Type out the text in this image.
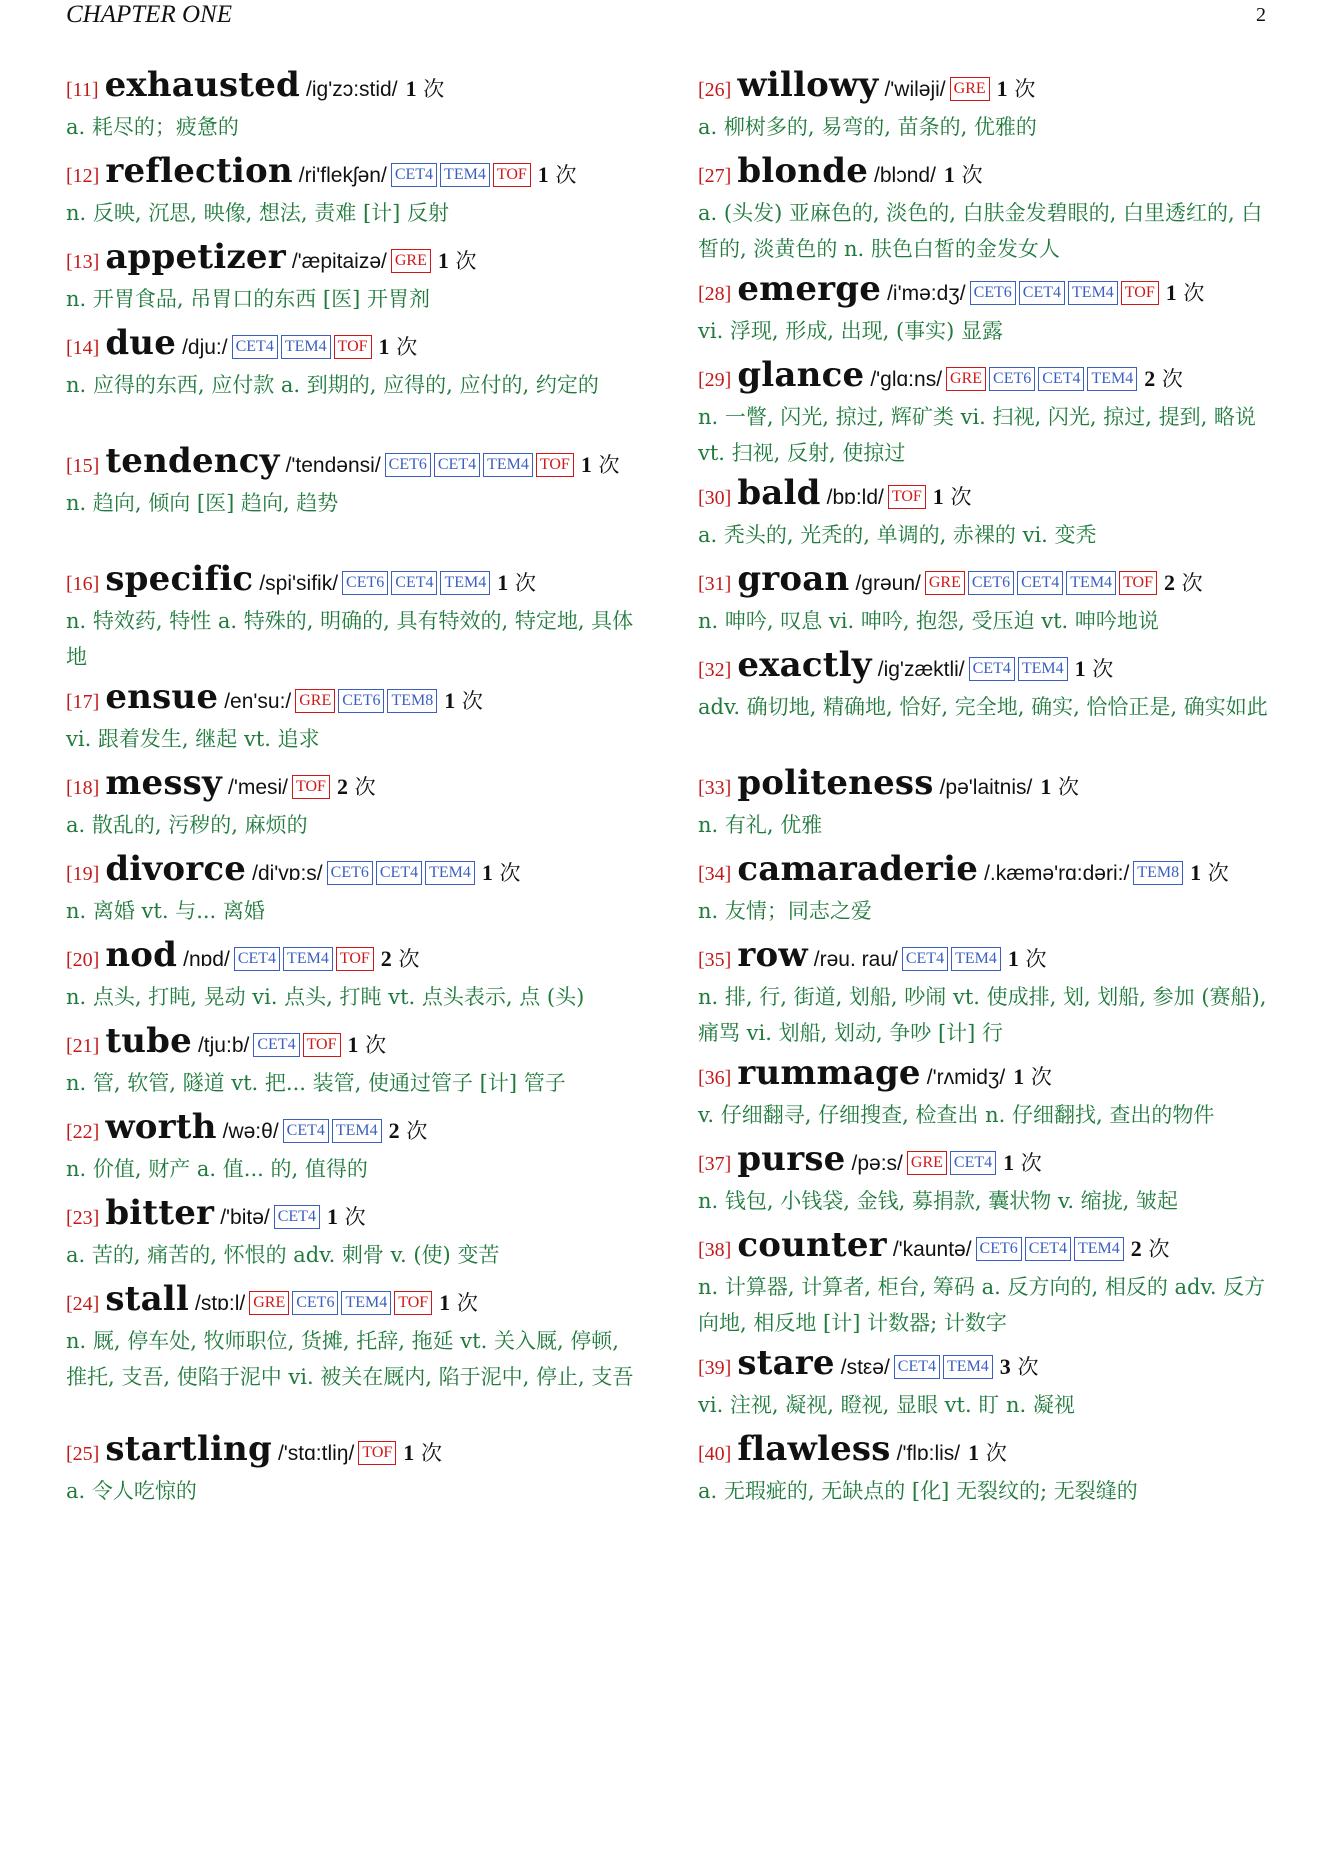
CHAPTER ONE	2
[11] exhausted /ig'zɔ:stid/ 1 次
a. 耗尽的；疲惫的
[12] reflection /ri'flekʃən/ CET4 TEM4 TOF 1 次
n. 反映, 沉思, 映像, 想法, 责难 [计] 反射
[13] appetizer /'æpitaizə/ GRE 1 次
n. 开胃食品, 吊胃口的东西 [医] 开胃剂
[14] due /dju:/ CET4 TEM4 TOF 1 次
n. 应得的东西, 应付款 a. 到期的, 应得的, 应付的, 约定的
[15] tendency /'tendənsi/ CET6 CET4 TEM4 TOF 1 次
n. 趋向, 倾向 [医] 趋向, 趋势
[16] specific /spi'sifik/ CET6 CET4 TEM4 1 次
n. 特效药, 特性 a. 特殊的, 明确的, 具有特效的, 特定地, 具体地
[17] ensue /en'su:/ GRE CET6 TEM8 1 次
vi. 跟着发生, 继起 vt. 追求
[18] messy /'mesi/ TOF 2 次
a. 散乱的, 污秽的, 麻烦的
[19] divorce /di'vɒ:s/ CET6 CET4 TEM4 1 次
n. 离婚 vt. 与... 离婚
[20] nod /nɒd/ CET4 TEM4 TOF 2 次
n. 点头, 打盹, 晃动 vi. 点头, 打盹 vt. 点头表示, 点 (头)
[21] tube /tju:b/ CET4 TOF 1 次
n. 管, 软管, 隧道 vt. 把... 装管, 使通过管子 [计] 管子
[22] worth /wə:θ/ CET4 TEM4 2 次
n. 价值, 财产 a. 值... 的, 值得的
[23] bitter /'bitə/ CET4 1 次
a. 苦的, 痛苦的, 怀恨的 adv. 刺骨 v. (使) 变苦
[24] stall /stɒ:l/ GRE CET6 TEM4 TOF 1 次
n. 厩, 停车处, 牧师职位, 货摊, 托辞, 拖延 vt. 关入厩, 停顿, 推托, 支吾, 使陷于泥中 vi. 被关在厩内, 陷于泥中, 停止, 支吾
[25] startling /'stɑ:tliŋ/ TOF 1 次
a. 令人吃惊的
[26] willowy /'wiləji/ GRE 1 次
a. 柳树多的, 易弯的, 苗条的, 优雅的
[27] blonde /blɔnd/ 1 次
a. (头发) 亚麻色的, 淡色的, 白肤金发碧眼的, 白里透红的, 白皙的, 淡黄色的 n. 肤色白皙的金发女人
[28] emerge /i'mə:dʒ/ CET6 CET4 TEM4 TOF 1 次
vi. 浮现, 形成, 出现, (事实) 显露
[29] glance /'glɑ:ns/ GRE CET6 CET4 TEM4 2 次
n. 一瞥, 闪光, 掠过, 辉矿类 vi. 扫视, 闪光, 掠过, 提到, 略说 vt. 扫视, 反射, 使掠过
[30] bald /bɒ:ld/ TOF 1 次
a. 秃头的, 光秃的, 单调的, 赤裸的 vi. 变秃
[31] groan /grəun/ GRE CET6 CET4 TEM4 TOF 2 次
n. 呻吟, 叹息 vi. 呻吟, 抱怨, 受压迫 vt. 呻吟地说
[32] exactly /ig'zæktli/ CET4 TEM4 1 次
adv. 确切地, 精确地, 恰好, 完全地, 确实, 恰恰正是, 确实如此
[33] politeness /pə'laitnis/ 1 次
n. 有礼, 优雅
[34] camaraderie /.kæmə'rɑ:dəri:/ TEM8 1 次
n. 友情；同志之爱
[35] row /rəu. rau/ CET4 TEM4 1 次
n. 排, 行, 街道, 划船, 吵闹 vt. 使成排, 划, 划船, 参加 (赛船), 痛骂 vi. 划船, 划动, 争吵 [计] 行
[36] rummage /'rʌmidʒ/ 1 次
v. 仔细翻寻, 仔细搜查, 检查出 n. 仔细翻找, 查出的物件
[37] purse /pə:s/ GRE CET4 1 次
n. 钱包, 小钱袋, 金钱, 募捐款, 囊状物 v. 缩拢, 皱起
[38] counter /'kauntə/ CET6 CET4 TEM4 2 次
n. 计算器, 计算者, 柜台, 筹码 a. 反方向的, 相反的 adv. 反方向地, 相反地 [计] 计数器; 计数字
[39] stare /stεə/ CET4 TEM4 3 次
vi. 注视, 凝视, 瞪视, 显眼 vt. 盯 n. 凝视
[40] flawless /'flɒ:lis/ 1 次
a. 无瑕疵的, 无缺点的 [化] 无裂纹的; 无裂缝的
